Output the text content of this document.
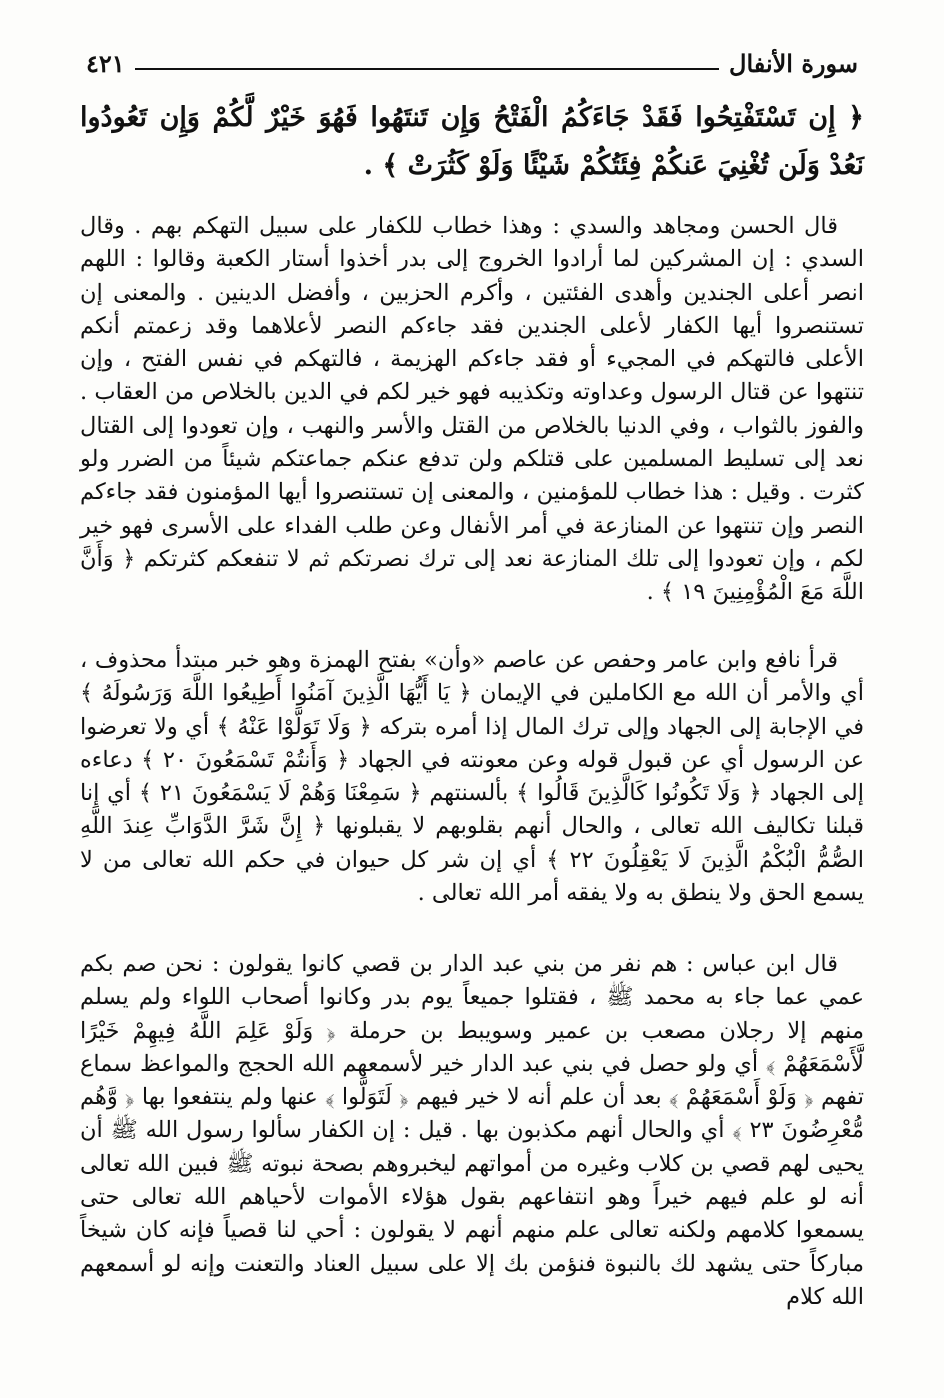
سورة الأنفال
٤٢١
﴿ إِن تَسْتَفْتِحُوا فَقَدْ جَاءَكُمُ الْفَتْحُ وَإِن تَنتَهُوا فَهُوَ خَيْرٌ لَّكُمْ وَإِن تَعُودُوا نَعُدْ وَلَن تُغْنِيَ عَنكُمْ فِئَتُكُمْ شَيْئًا وَلَوْ كَثُرَتْ ﴾ .
قال الحسن ومجاهد والسدي : وهذا خطاب للكفار على سبيل التهكم بهم . وقال السدي : إن المشركين لما أرادوا الخروج إلى بدر أخذوا أستار الكعبة وقالوا : اللهم انصر أعلى الجندين وأهدى الفئتين ، وأكرم الحزبين ، وأفضل الدينين . والمعنى إن تستنصروا أيها الكفار لأعلى الجندين فقد جاءكم النصر لأعلاهما وقد زعمتم أنكم الأعلى فالتهكم في المجيء أو فقد جاءكم الهزيمة ، فالتهكم في نفس الفتح ، وإن تنتهوا عن قتال الرسول وعداوته وتكذيبه فهو خير لكم في الدين بالخلاص من العقاب . والفوز بالثواب ، وفي الدنيا بالخلاص من القتل والأسر والنهب ، وإن تعودوا إلى القتال نعد إلى تسليط المسلمين على قتلكم ولن تدفع عنكم جماعتكم شيئاً من الضرر ولو كثرت . وقيل : هذا خطاب للمؤمنين ، والمعنى إن تستنصروا أيها المؤمنون فقد جاءكم النصر وإن تنتهوا عن المنازعة في أمر الأنفال وعن طلب الفداء على الأسرى فهو خير لكم ، وإن تعودوا إلى تلك المنازعة نعد إلى ترك نصرتكم ثم لا تنفعكم كثرتكم ﴿ وَأَنَّ اللَّهَ مَعَ الْمُؤْمِنِينَ ١٩ ﴾ .
قرأ نافع وابن عامر وحفص عن عاصم «وأن» بفتح الهمزة وهو خبر مبتدأ محذوف ، أي والأمر أن الله مع الكاملين في الإيمان ﴿ يَا أَيُّهَا الَّذِينَ آمَنُوا أَطِيعُوا اللَّهَ وَرَسُولَهُ ﴾ في الإجابة إلى الجهاد وإلى ترك المال إذا أمره بتركه ﴿ وَلَا تَوَلَّوْا عَنْهُ ﴾ أي ولا تعرضوا عن الرسول أي عن قبول قوله وعن معونته في الجهاد ﴿ وَأَنتُمْ تَسْمَعُونَ ٢٠ ﴾ دعاءه إلى الجهاد ﴿ وَلَا تَكُونُوا كَالَّذِينَ قَالُوا ﴾ بألسنتهم ﴿ سَمِعْنَا وَهُمْ لَا يَسْمَعُونَ ٢١ ﴾ أي إنا قبلنا تكاليف الله تعالى ، والحال أنهم بقلوبهم لا يقبلونها ﴿ إِنَّ شَرَّ الدَّوَابِّ عِندَ اللَّهِ الصُّمُّ الْبُكْمُ الَّذِينَ لَا يَعْقِلُونَ ٢٢ ﴾ أي إن شر كل حيوان في حكم الله تعالى من لا يسمع الحق ولا ينطق به ولا يفقه أمر الله تعالى .
قال ابن عباس : هم نفر من بني عبد الدار بن قصي كانوا يقولون : نحن صم بكم عمي عما جاء به محمد ﷺ ، فقتلوا جميعاً يوم بدر وكانوا أصحاب اللواء ولم يسلم منهم إلا رجلان مصعب بن عمير وسويبط بن حرملة ﴿ وَلَوْ عَلِمَ اللَّهُ فِيهِمْ خَيْرًا لَّأَسْمَعَهُمْ ﴾ أي ولو حصل في بني عبد الدار خير لأسمعهم الله الحجج والمواعظ سماع تفهم ﴿ وَلَوْ أَسْمَعَهُمْ ﴾ بعد أن علم أنه لا خير فيهم ﴿ لَتَوَلَّوا ﴾ عنها ولم ينتفعوا بها ﴿ وَّهُم مُّعْرِضُونَ ٢٣ ﴾ أي والحال أنهم مكذبون بها . قيل : إن الكفار سألوا رسول الله ﷺ أن يحيى لهم قصي بن كلاب وغيره من أمواتهم ليخبروهم بصحة نبوته ﷺ فبين الله تعالى أنه لو علم فيهم خيراً وهو انتفاعهم بقول هؤلاء الأموات لأحياهم الله تعالى حتى يسمعوا كلامهم ولكنه تعالى علم منهم أنهم لا يقولون : أحي لنا قصياً فإنه كان شيخاً مباركاً حتى يشهد لك بالنبوة فنؤمن بك إلا على سبيل العناد والتعنت وإنه لو أسمعهم الله كلام
